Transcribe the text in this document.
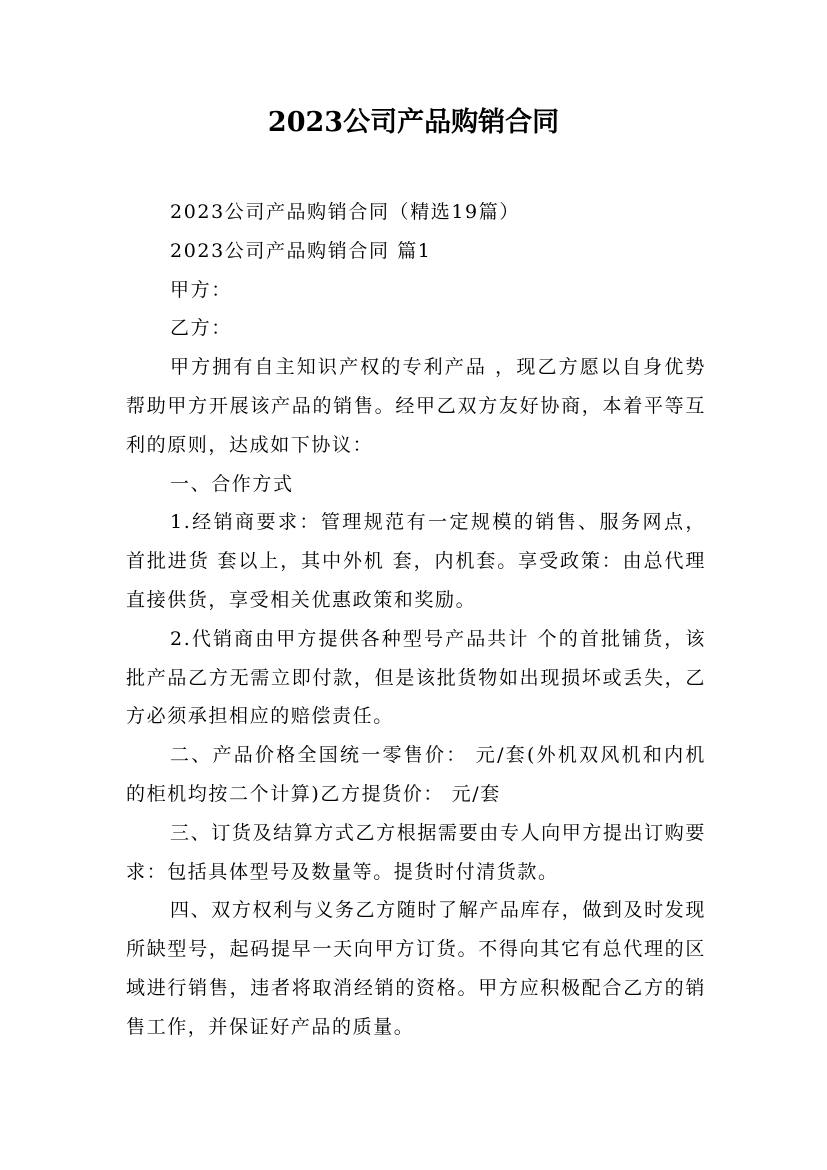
2023公司产品购销合同

2023公司产品购销合同（精选19篇）

2023公司产品购销合同 篇1

甲方：

乙方：

甲方拥有自主知识产权的专利产品 ，现乙方愿以自身优势帮助甲方开展该产品的销售。经甲乙双方友好协商，本着平等互利的原则，达成如下协议：

一、合作方式

1.经销商要求：管理规范有一定规模的销售、服务网点，首批进货 套以上，其中外机 套，内机套。享受政策：由总代理直接供货，享受相关优惠政策和奖励。

2.代销商由甲方提供各种型号产品共计 个的首批铺货，该批产品乙方无需立即付款，但是该批货物如出现损坏或丢失，乙方必须承担相应的赔偿责任。

二、产品价格全国统一零售价： 元/套(外机双风机和内机的柜机均按二个计算)乙方提货价： 元/套

三、订货及结算方式乙方根据需要由专人向甲方提出订购要求：包括具体型号及数量等。提货时付清货款。

四、双方权利与义务乙方随时了解产品库存，做到及时发现所缺型号，起码提早一天向甲方订货。不得向其它有总代理的区域进行销售，违者将取消经销的资格。甲方应积极配合乙方的销售工作，并保证好产品的质量。
